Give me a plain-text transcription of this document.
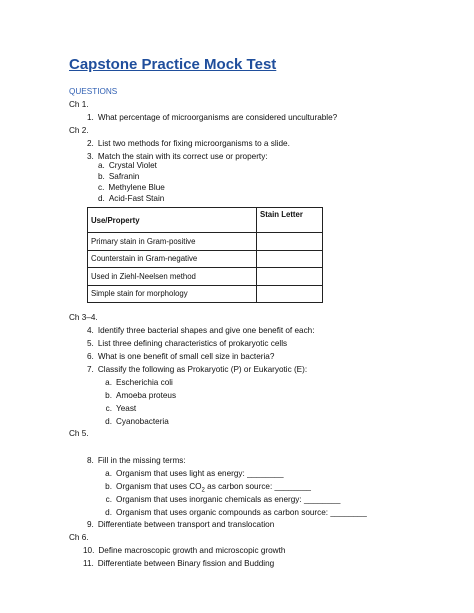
Capstone Practice Mock Test
QUESTIONS
Ch 1.
1. What percentage of microorganisms are considered unculturable?
Ch 2.
2. List two methods for fixing microorganisms to a slide.
3. Match the stain with its correct use or property:
a. Crystal Violet
b. Safranin
c. Methylene Blue
d. Acid-Fast Stain
Use/Property	Stain Letter
Primary stain in Gram-positive	
Counterstain in Gram-negative	
Used in Ziehl-Neelsen method	
Simple stain for morphology	
Ch 3–4.
4. Identify three bacterial shapes and give one benefit of each:
5. List three defining characteristics of prokaryotic cells
6. What is one benefit of small cell size in bacteria?
7. Classify the following as Prokaryotic (P) or Eukaryotic (E):
a. Escherichia coli
b. Amoeba proteus
c. Yeast
d. Cyanobacteria
Ch 5.
8. Fill in the missing terms:
a. Organism that uses light as energy: ________
b. Organism that uses $CO_2$ as carbon source: ________
c. Organism that uses inorganic chemicals as energy: ________
d. Organism that uses organic compounds as carbon source: ________
9. Differentiate between transport and translocation
Ch 6.
10. Define macroscopic growth and microscopic growth
11. Differentiate between Binary fission and Budding
